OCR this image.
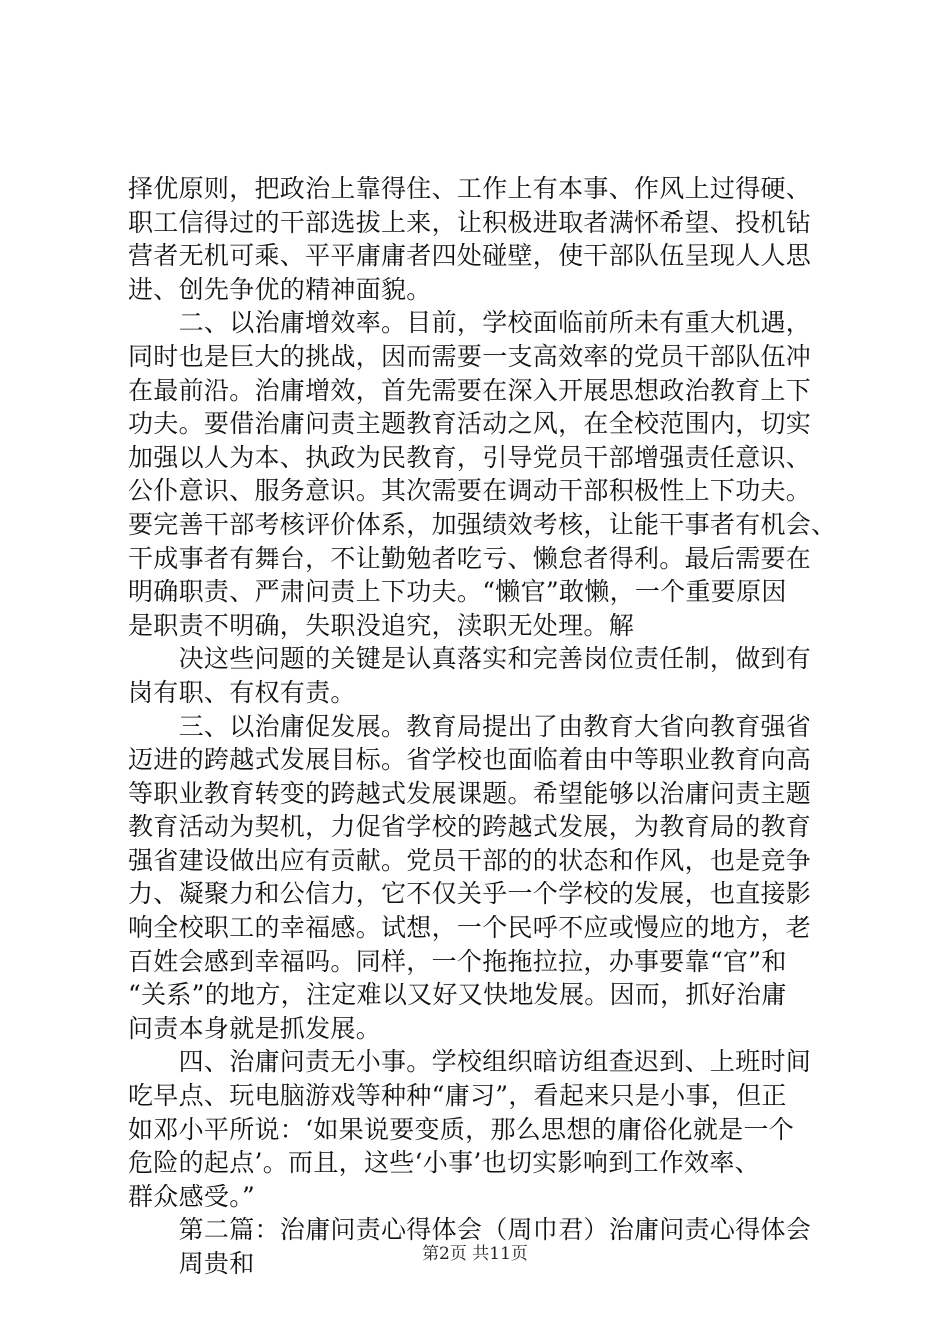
择优原则，把政治上靠得住、工作上有本事、作风上过得硬、
职工信得过的干部选拔上来，让积极进取者满怀希望、投机钻
营者无机可乘、平平庸庸者四处碰壁，使干部队伍呈现人人思
进、创先争优的精神面貌。
　　二、以治庸增效率。目前，学校面临前所未有重大机遇，
同时也是巨大的挑战，因而需要一支高效率的党员干部队伍冲
在最前沿。治庸增效，首先需要在深入开展思想政治教育上下
功夫。要借治庸问责主题教育活动之风，在全校范围内，切实
加强以人为本、执政为民教育，引导党员干部增强责任意识、
公仆意识、服务意识。其次需要在调动干部积极性上下功夫。
要完善干部考核评价体系，加强绩效考核，让能干事者有机会、
干成事者有舞台，不让勤勉者吃亏、懒怠者得利。最后需要在
明确职责、严肃问责上下功夫。“懒官”敢懒，一个重要原因
是职责不明确，失职没追究，渎职无处理。解
　　决这些问题的关键是认真落实和完善岗位责任制，做到有
岗有职、有权有责。
　　三、以治庸促发展。教育局提出了由教育大省向教育强省
迈进的跨越式发展目标。省学校也面临着由中等职业教育向高
等职业教育转变的跨越式发展课题。希望能够以治庸问责主题
教育活动为契机，力促省学校的跨越式发展，为教育局的教育
强省建设做出应有贡献。党员干部的的状态和作风，也是竞争
力、凝聚力和公信力，它不仅关乎一个学校的发展，也直接影
响全校职工的幸福感。试想，一个民呼不应或慢应的地方，老
百姓会感到幸福吗。同样，一个拖拖拉拉，办事要靠“官”和
“关系”的地方，注定难以又好又快地发展。因而，抓好治庸
问责本身就是抓发展。
　　四、治庸问责无小事。学校组织暗访组查迟到、上班时间
吃早点、玩电脑游戏等种种“庸习”，看起来只是小事，但正
如邓小平所说：‘如果说要变质，那么思想的庸俗化就是一个
危险的起点’。而且，这些‘小事’也切实影响到工作效率、
群众感受。”
　　第二篇：治庸问责心得体会（周巾君）治庸问责心得体会
　　周贵和	第2页 共11页
